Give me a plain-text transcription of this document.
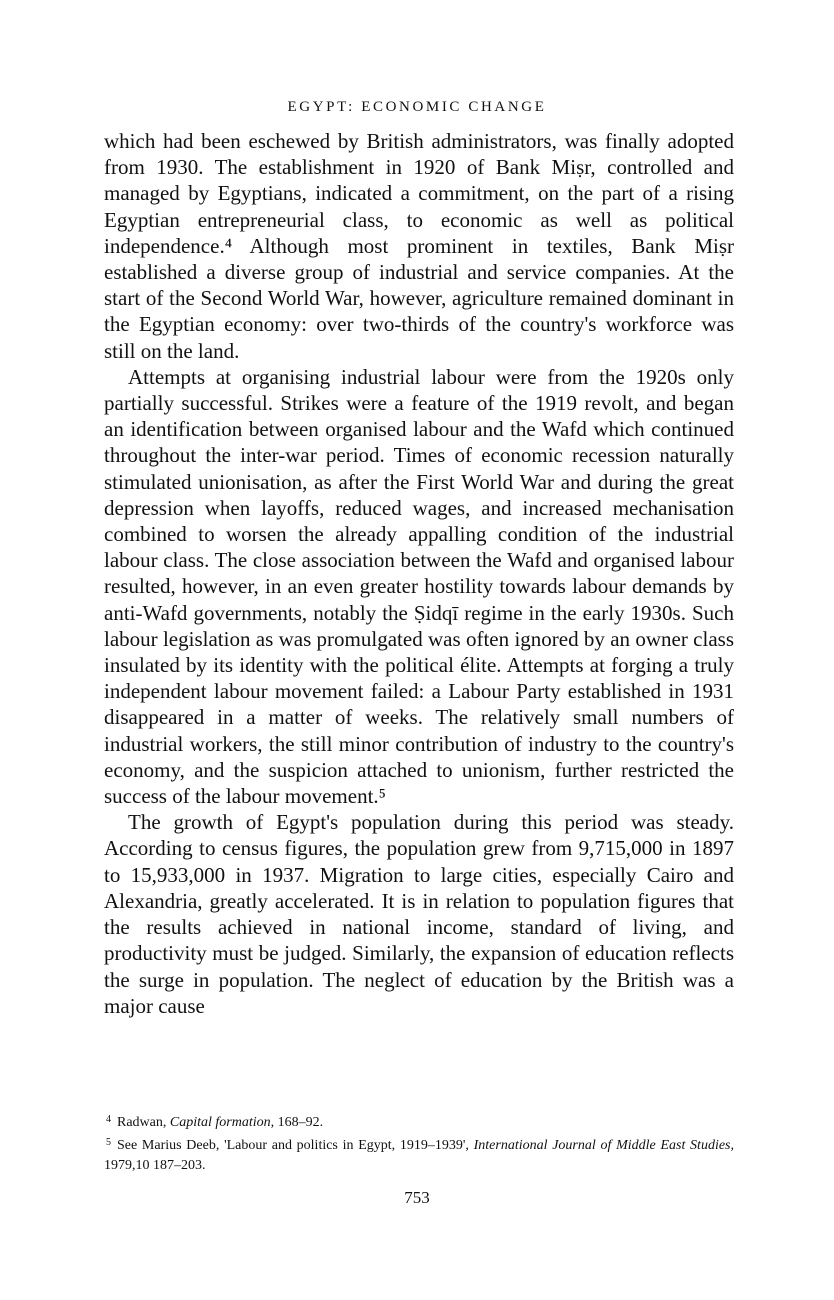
EGYPT: ECONOMIC CHANGE

which had been eschewed by British administrators, was finally adopted from 1930. The establishment in 1920 of Bank Miṣr, controlled and managed by Egyptians, indicated a commitment, on the part of a rising Egyptian entrepreneurial class, to economic as well as political independence.⁴ Although most prominent in textiles, Bank Miṣr established a diverse group of industrial and service companies. At the start of the Second World War, however, agriculture remained dominant in the Egyptian economy: over two-thirds of the country's workforce was still on the land.

Attempts at organising industrial labour were from the 1920s only partially successful. Strikes were a feature of the 1919 revolt, and began an identification between organised labour and the Wafd which continued throughout the inter-war period. Times of economic recession naturally stimulated unionisation, as after the First World War and during the great depression when layoffs, reduced wages, and increased mechanisation combined to worsen the already appalling condition of the industrial labour class. The close association between the Wafd and organised labour resulted, however, in an even greater hostility towards labour demands by anti-Wafd governments, notably the Ṣidqī regime in the early 1930s. Such labour legislation as was promulgated was often ignored by an owner class insulated by its identity with the political élite. Attempts at forging a truly independent labour movement failed: a Labour Party established in 1931 disappeared in a matter of weeks. The relatively small numbers of industrial workers, the still minor contribution of industry to the country's economy, and the suspicion attached to unionism, further restricted the success of the labour movement.⁵

The growth of Egypt's population during this period was steady. According to census figures, the population grew from 9,715,000 in 1897 to 15,933,000 in 1937. Migration to large cities, especially Cairo and Alexandria, greatly accelerated. It is in relation to population figures that the results achieved in national income, standard of living, and productivity must be judged. Similarly, the expansion of education reflects the surge in population. The neglect of education by the British was a major cause

$^4$ Radwan, Capital formation, 168–92.

$^5$ See Marius Deeb, 'Labour and politics in Egypt, 1919–1939', International Journal of Middle East Studies, 1979,10 187–203.

753
